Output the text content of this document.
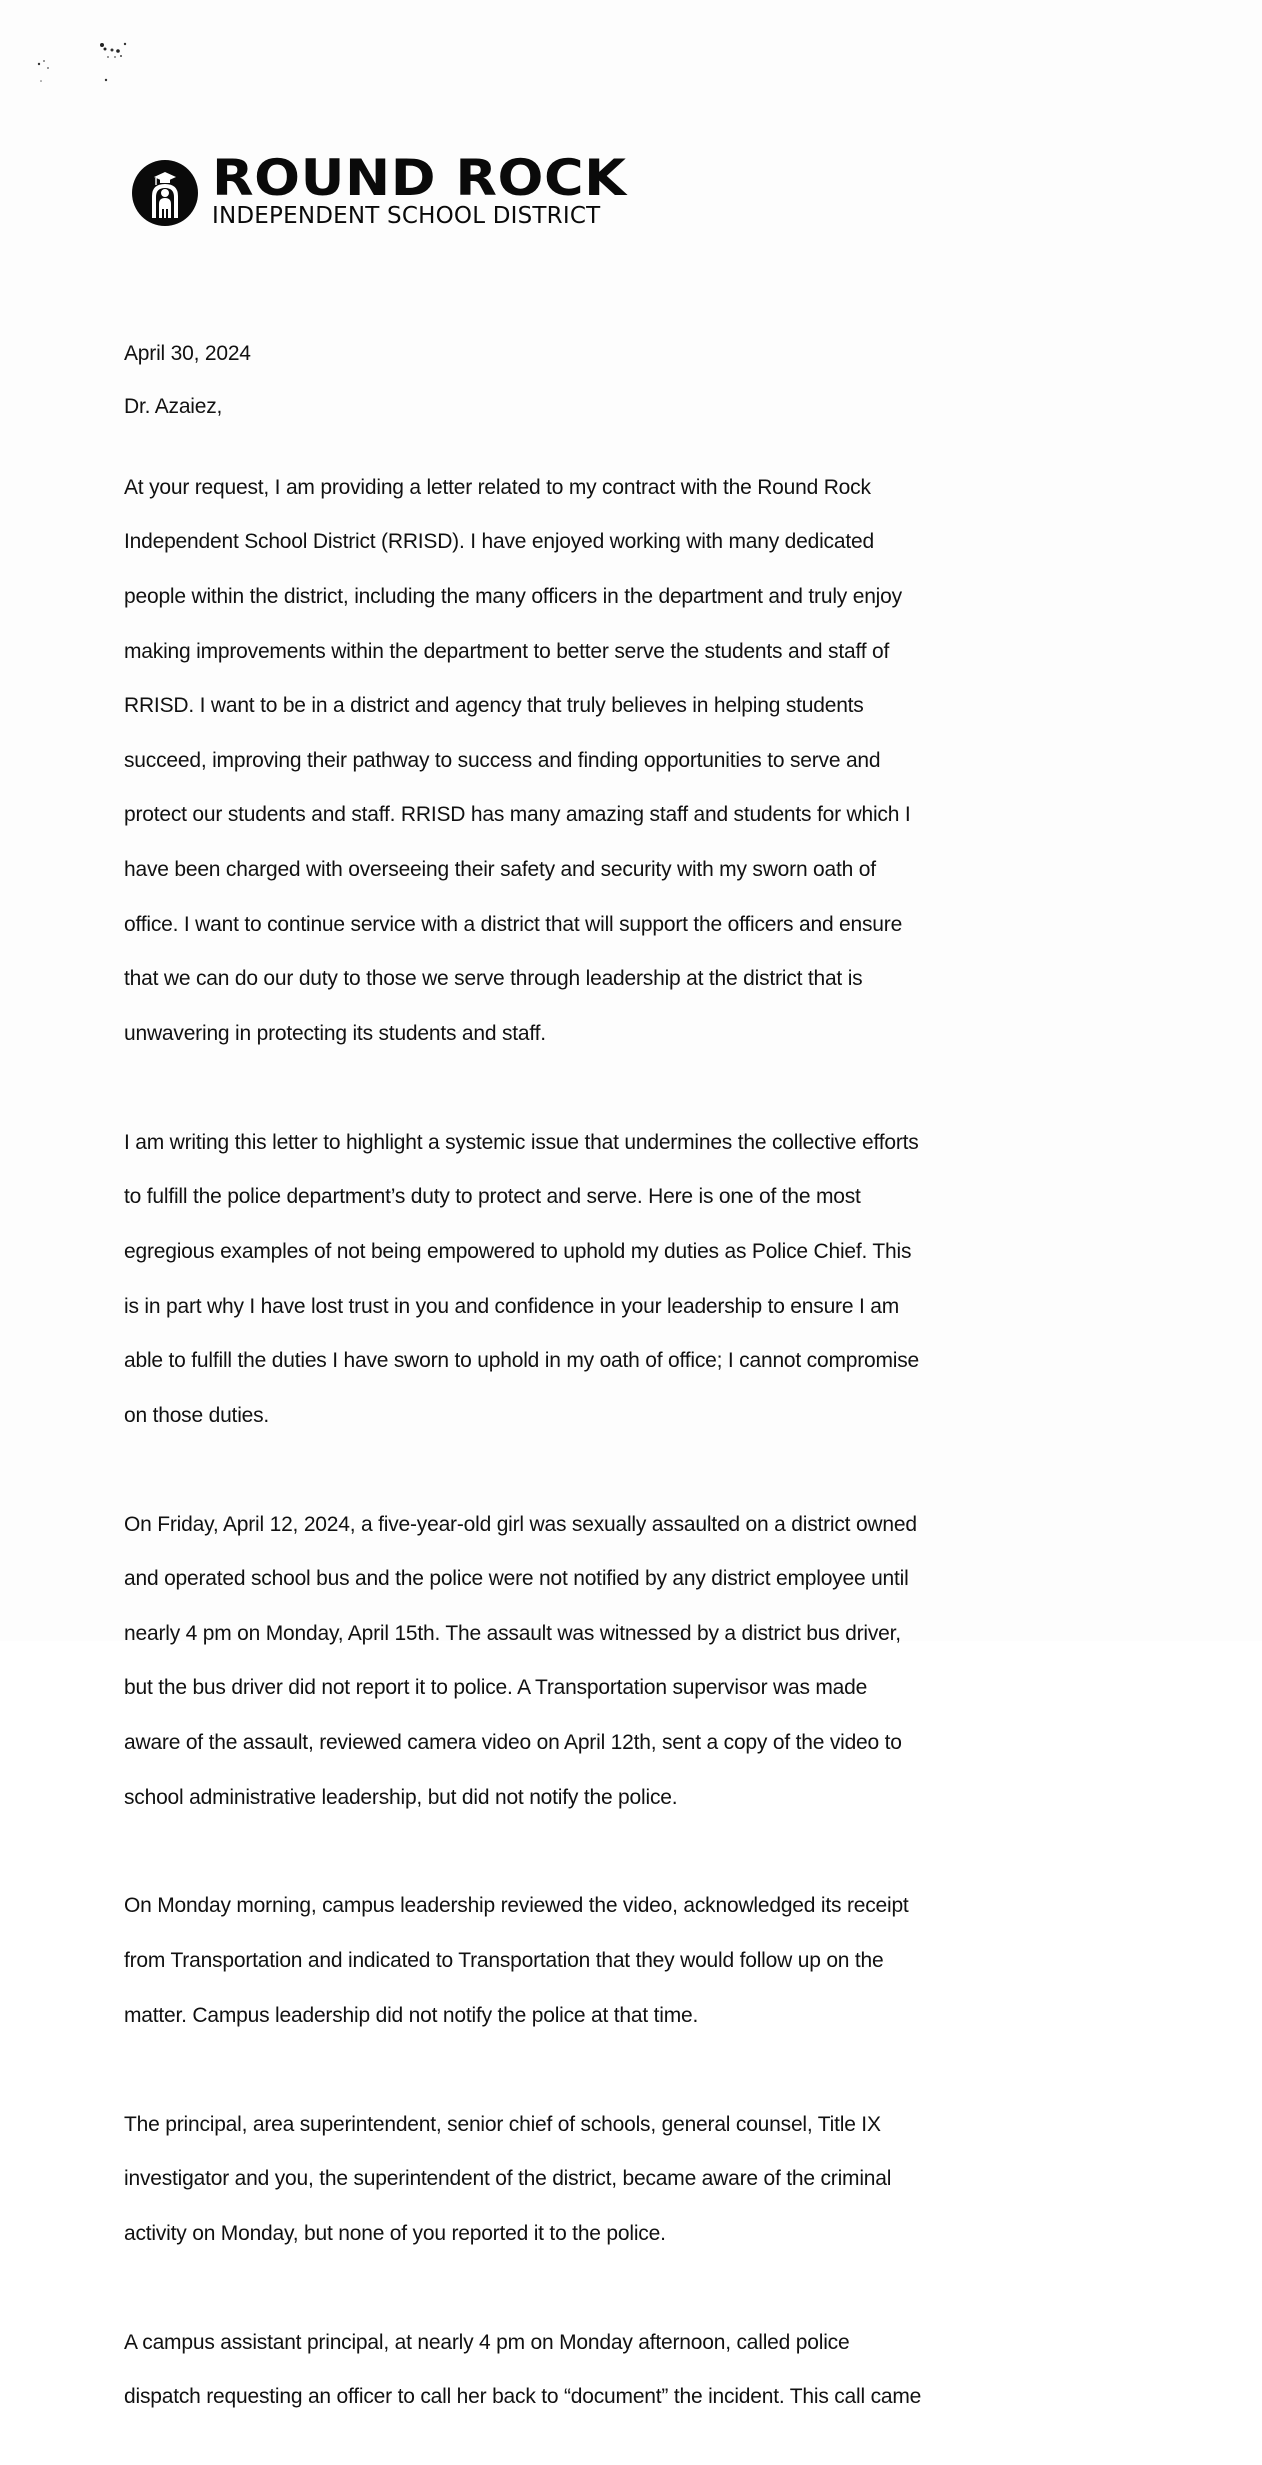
ROUND ROCK
INDEPENDENT SCHOOL DISTRICT

April 30, 2024

Dr. Azaiez,

At your request, I am providing a letter related to my contract with the Round Rock

Independent School District (RRISD). I have enjoyed working with many dedicated

people within the district, including the many officers in the department and truly enjoy

making improvements within the department to better serve the students and staff of

RRISD. I want to be in a district and agency that truly believes in helping students

succeed, improving their pathway to success and finding opportunities to serve and

protect our students and staff. RRISD has many amazing staff and students for which I

have been charged with overseeing their safety and security with my sworn oath of

office. I want to continue service with a district that will support the officers and ensure

that we can do our duty to those we serve through leadership at the district that is

unwavering in protecting its students and staff.

I am writing this letter to highlight a systemic issue that undermines the collective efforts

to fulfill the police department’s duty to protect and serve. Here is one of the most

egregious examples of not being empowered to uphold my duties as Police Chief. This

is in part why I have lost trust in you and confidence in your leadership to ensure I am

able to fulfill the duties I have sworn to uphold in my oath of office; I cannot compromise

on those duties.

On Friday, April 12, 2024, a five-year-old girl was sexually assaulted on a district owned

and operated school bus and the police were not notified by any district employee until

nearly 4 pm on Monday, April 15th. The assault was witnessed by a district bus driver,

but the bus driver did not report it to police. A Transportation supervisor was made

aware of the assault, reviewed camera video on April 12th, sent a copy of the video to

school administrative leadership, but did not notify the police.

On Monday morning, campus leadership reviewed the video, acknowledged its receipt

from Transportation and indicated to Transportation that they would follow up on the

matter. Campus leadership did not notify the police at that time.

The principal, area superintendent, senior chief of schools, general counsel, Title IX

investigator and you, the superintendent of the district, became aware of the criminal

activity on Monday, but none of you reported it to the police.

A campus assistant principal, at nearly 4 pm on Monday afternoon, called police

dispatch requesting an officer to call her back to “document” the incident. This call came
